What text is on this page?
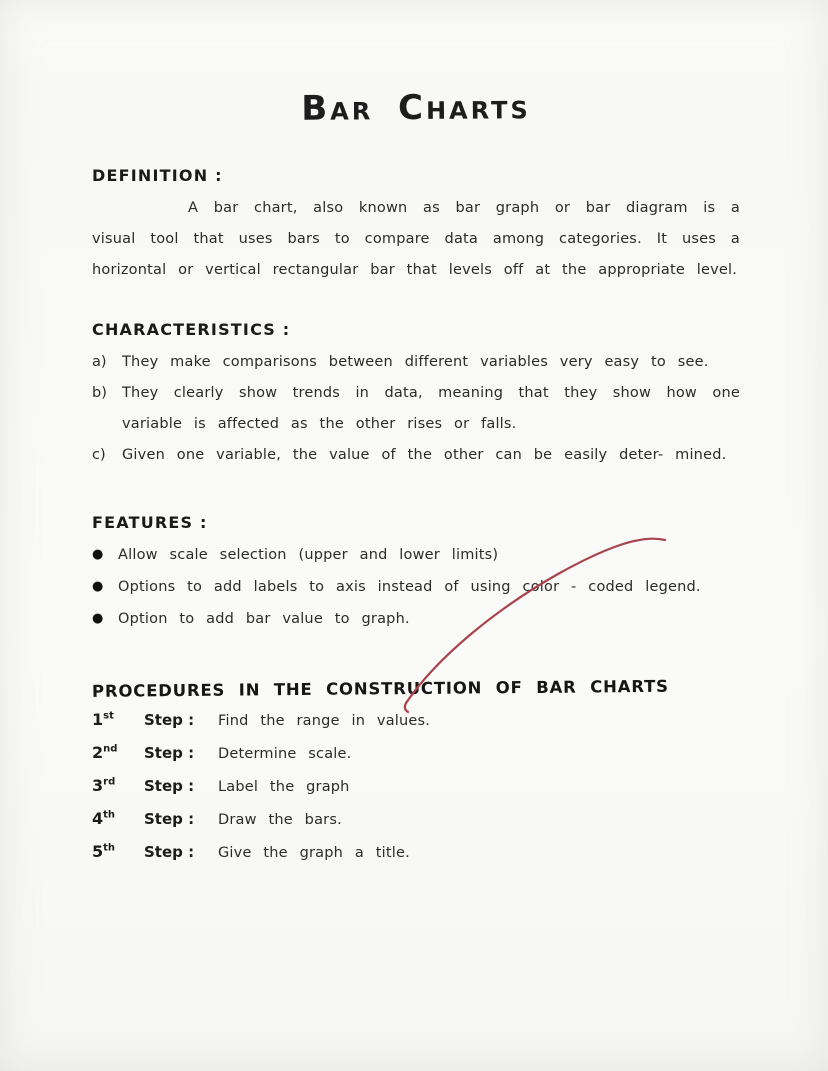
Bar Charts
DEFINITION :
A bar chart, also known as bar graph or bar diagram is a visual tool that uses bars to compare data among categories. It uses a horizontal or vertical rectangular bar that levels off at the appropriate level.
CHARACTERISTICS :
a)	They make comparisons between different variables very easy to see.
b)	They clearly show trends in data, meaning that they show how one variable is affected as the other rises or falls.
c)	Given one variable, the value of the other can be easily deter- mined.
FEATURES :
●	Allow scale selection (upper and lower limits)
●	Options to add labels to axis instead of using color - coded legend.
●	Option to add bar value to graph.
PROCEDURES IN THE CONSTRUCTION OF BAR CHARTS
1st	Step :	Find the range in values.
2nd	Step :	Determine scale.
3rd	Step :	Label the graph
4th	Step :	Draw the bars.
5th	Step :	Give the graph a title.
